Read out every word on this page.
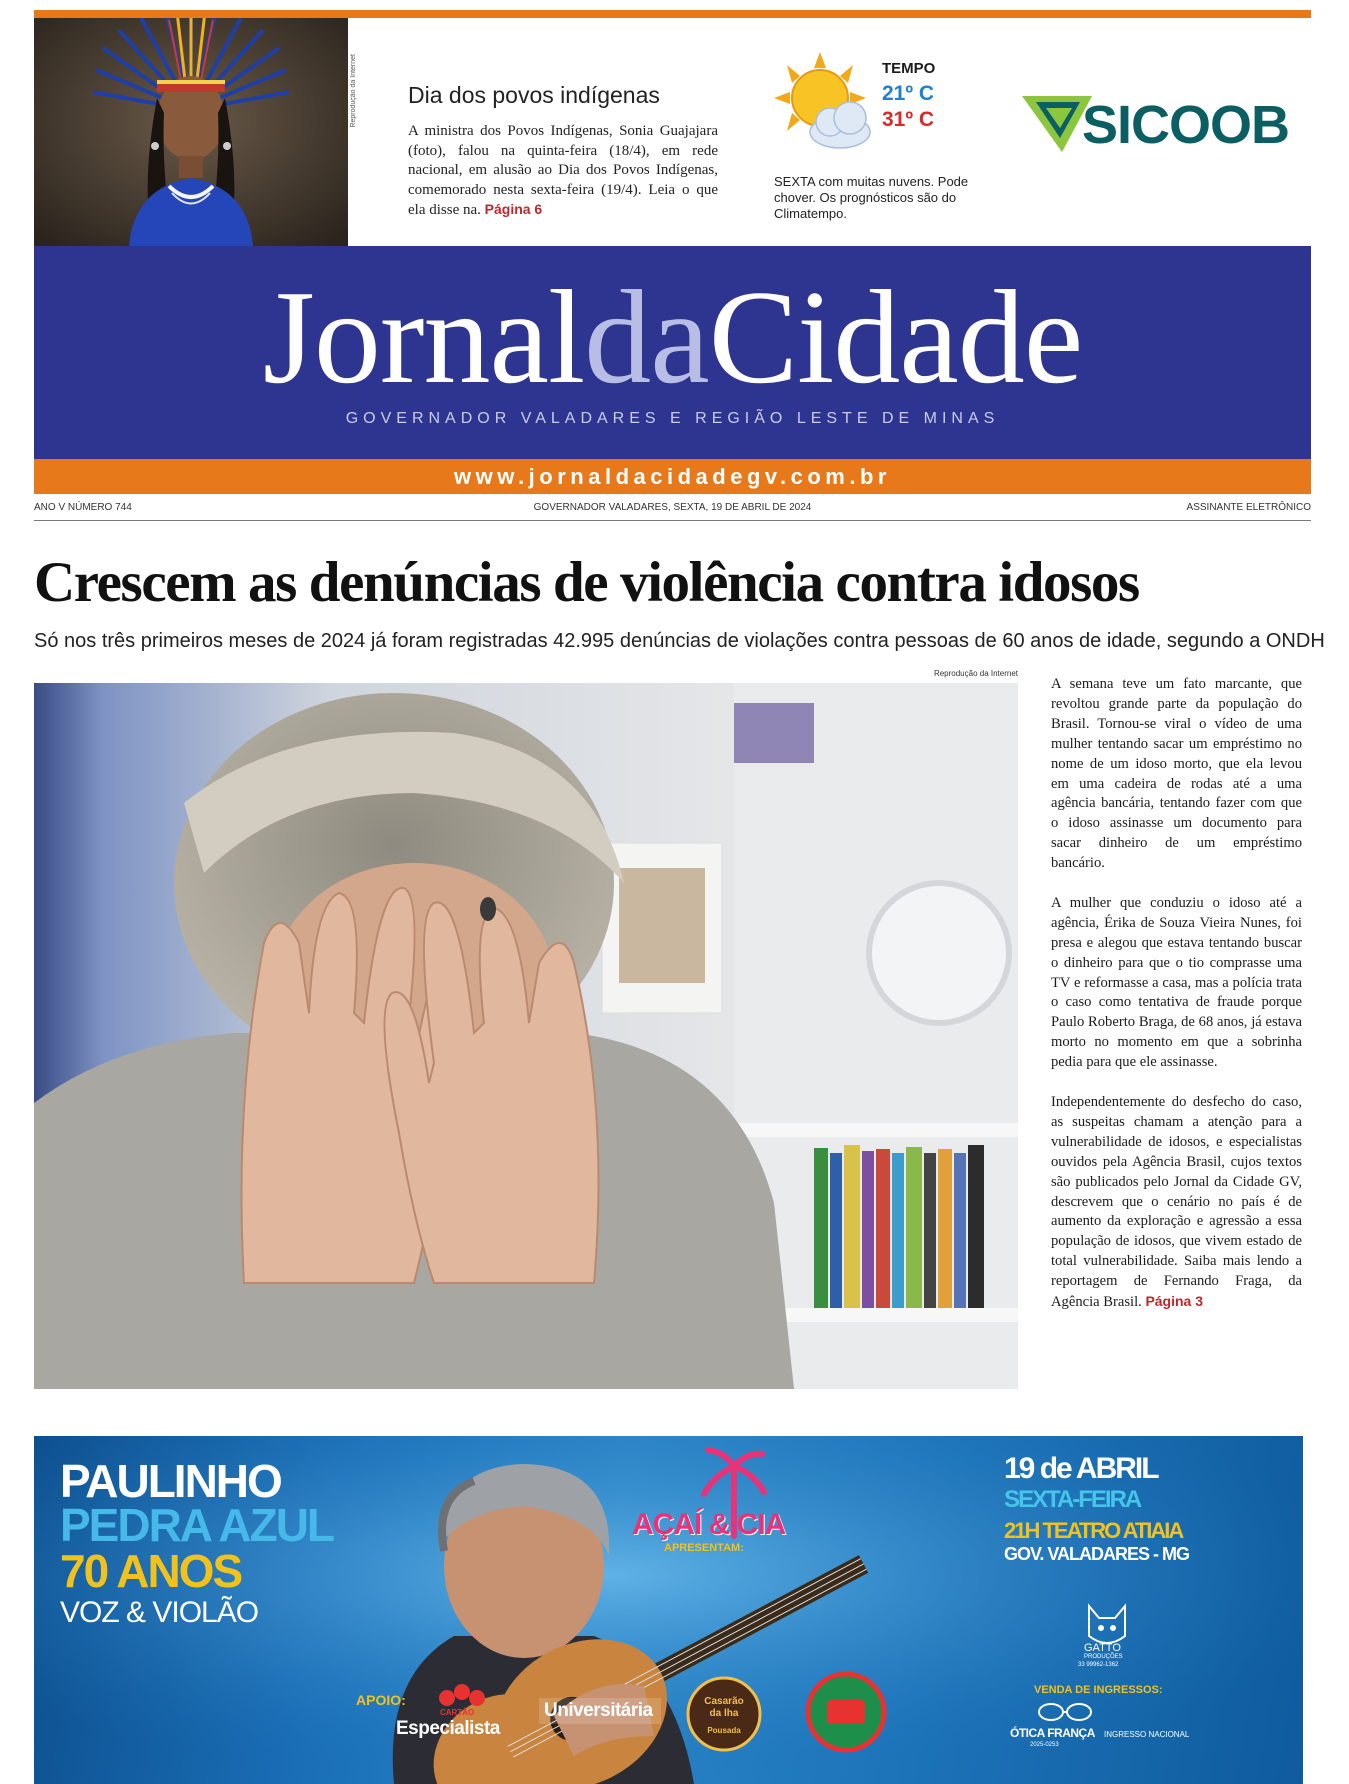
Reprodução da Internet Dia dos povos indígenas
A ministra dos Povos Indígenas, Sonia Guajajara (foto), falou na quinta-feira (18/4), em rede nacional, em alusão ao Dia dos Povos Indígenas, comemorado nesta sexta-feira (19/4). Leia o que ela disse na. Página 6
TEMPO
21º C
31º C
SEXTA com muitas nuvens. Pode chover. Os prognósticos são do Climatempo.
SICOOB
JornaldaCidade
GOVERNADOR VALADARES E REGIÃO LESTE DE MINAS
www.jornaldacidadegv.com.br
ANO V NÚMERO 744	GOVERNADOR VALADARES, SEXTA, 19 DE ABRIL DE 2024	ASSINANTE ELETRÔNICO
Crescem as denúncias de violência contra idosos
Só nos três primeiros meses de 2024 já foram registradas 42.995 denúncias de violações contra pessoas de 60 anos de idade, segundo a ONDH
Reprodução da Internet

A semana teve um fato marcante, que revoltou grande parte da população do Brasil. Tornou-se viral o vídeo de uma mulher tentando sacar um empréstimo no nome de um idoso morto, que ela levou em uma cadeira de rodas até a uma agência bancária, tentando fazer com que o idoso assinasse um documento para sacar dinheiro de um empréstimo bancário.

A mulher que conduziu o idoso até a agência, Érika de Souza Vieira Nunes, foi presa e alegou que estava tentando buscar o dinheiro para que o tio comprasse uma TV e reformasse a casa, mas a polícia trata o caso como tentativa de fraude porque Paulo Roberto Braga, de 68 anos, já estava morto no momento em que a sobrinha pedia para que ele assinasse.

Independentemente do desfecho do caso, as suspeitas chamam a atenção para a vulnerabilidade de idosos, e especialistas ouvidos pela Agência Brasil, cujos textos são publicados pelo Jornal da Cidade GV, descrevem que o cenário no país é de aumento da exploração e agressão a essa população de idosos, que vivem estado de total vulnerabilidade. Saiba mais lendo a reportagem de Fernando Fraga, da Agência Brasil. Página 3

PAULINHO
PEDRA AZUL
70 ANOS
VOZ & VIOLÃO
AÇAÍ & CIA
APRESENTAM:
19 de ABRIL
SEXTA-FEIRA
21H TEATRO ATIAIA
GOV. VALADARES - MG
GATTO
PRODUÇÕES
33 99962-1362
APOIO:
CARTÃO
Especialista
Universitária	Casarão
da lha
Pousada
VENDA DE INGRESSOS:
ÓTICA FRANÇA
2025-0253
INGRESSO NACIONAL
